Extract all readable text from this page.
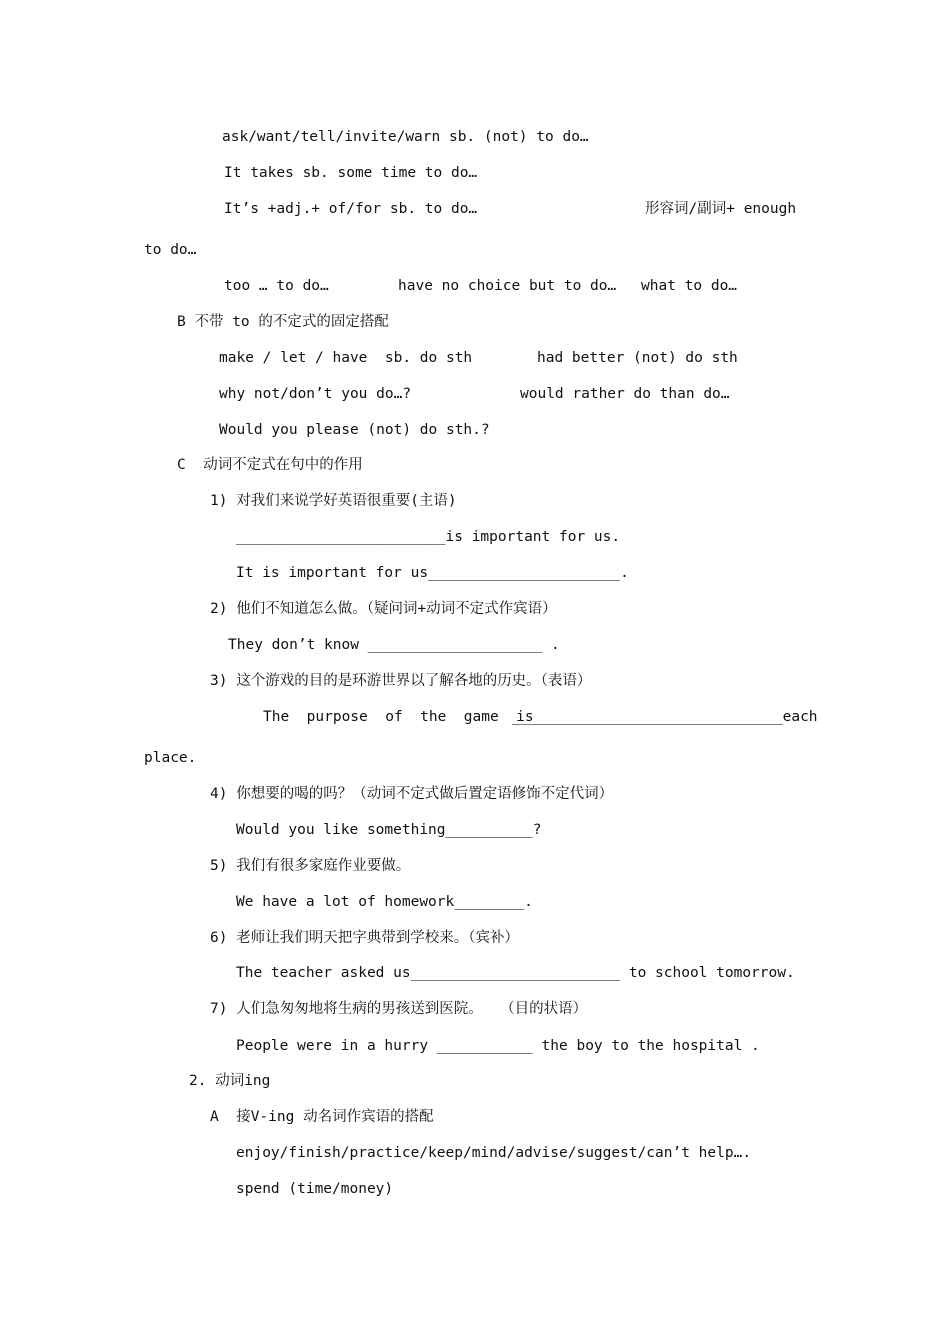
ask/want/tell/invite/warn sb. (not) to do…
It takes sb. some time to do…
It’s +adj.+ of/for sb. to do…	形容词/副词+ enough
to do…
too … to do…	have no choice but to do… what to do…
B 不带 to 的不定式的固定搭配
make / let / have  sb. do sth	had better (not) do sth
why not/don’t you do…?	would rather do than do…
Would you please (not) do sth.?
C  动词不定式在句中的作用
1) 对我们来说学好英语很重要(主语)
________________________is important for us.
It is important for us______________________.
2) 他们不知道怎么做。（疑问词+动词不定式作宾语）
They don’t know ____________________ .
3) 这个游戏的目的是环游世界以了解各地的历史。（表语）
The  purpose  of  the  game  is
_______________________________each
place.
4) 你想要的喝的吗？（动词不定式做后置定语修饰不定代词）
Would you like something__________?
5) 我们有很多家庭作业要做。
We have a lot of homework________.
6) 老师让我们明天把字典带到学校来。（宾补）
The teacher asked us________________________ to school tomorrow.
7) 人们急匆匆地将生病的男孩送到医院。  （目的状语）
People were in a hurry ___________ the boy to the hospital .
2. 动词ing
A  接V-ing 动名词作宾语的搭配
enjoy/finish/practice/keep/mind/advise/suggest/can’t help….
spend (time/money)
